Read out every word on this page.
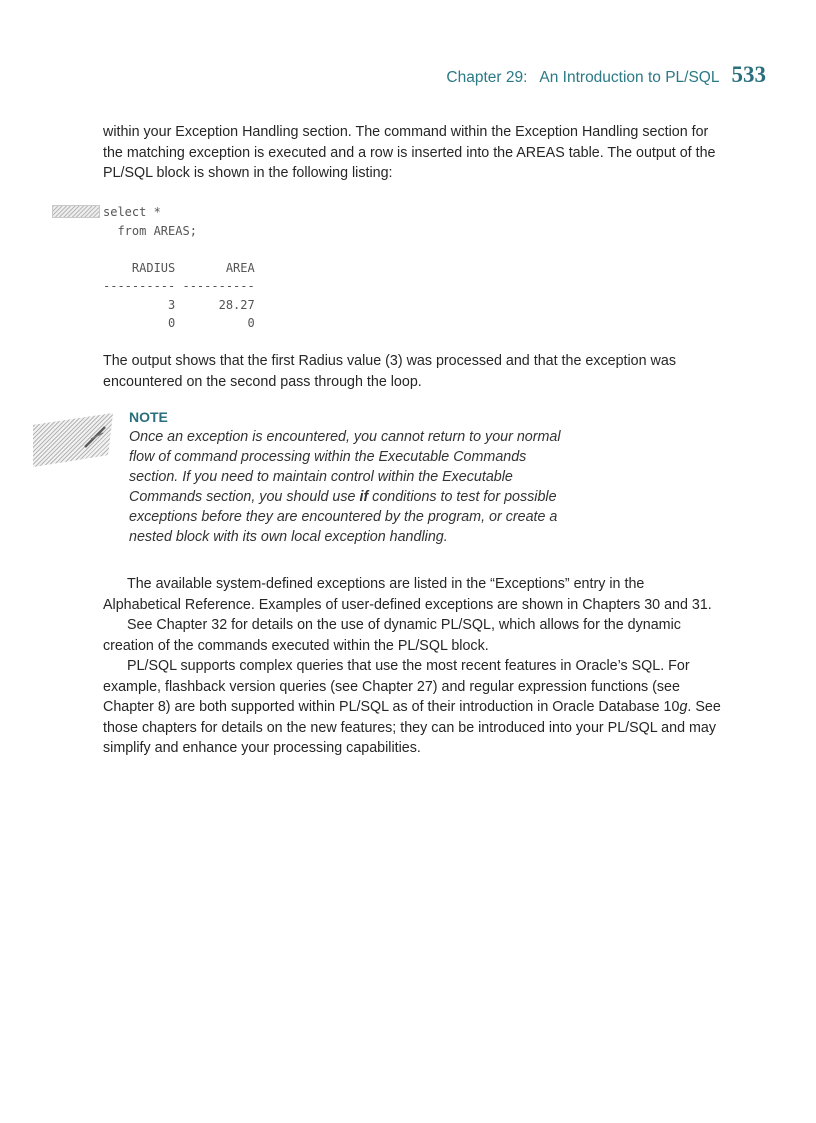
Chapter 29: An Introduction to PL/SQL 533

within your Exception Handling section. The command within the Exception Handling section for the matching exception is executed and a row is inserted into the AREAS table. The output of the PL/SQL block is shown in the following listing:

select *
from AREAS;

RADIUS       AREA
---------- ----------
3      28.27
0          0

The output shows that the first Radius value (3) was processed and that the exception was encountered on the second pass through the loop.

NOTE

Once an exception is encountered, you cannot return to your normal flow of command processing within the Executable Commands section. If you need to maintain control within the Executable Commands section, you should use if conditions to test for possible exceptions before they are encountered by the program, or create a nested block with its own local exception handling.

The available system-defined exceptions are listed in the “Exceptions” entry in the Alphabetical Reference. Examples of user-defined exceptions are shown in Chapters 30 and 31.

See Chapter 32 for details on the use of dynamic PL/SQL, which allows for the dynamic creation of the commands executed within the PL/SQL block.

PL/SQL supports complex queries that use the most recent features in Oracle’s SQL. For example, flashback version queries (see Chapter 27) and regular expression functions (see Chapter 8) are both supported within PL/SQL as of their introduction in Oracle Database 10g. See those chapters for details on the new features; they can be introduced into your PL/SQL and may simplify and enhance your processing capabilities.
